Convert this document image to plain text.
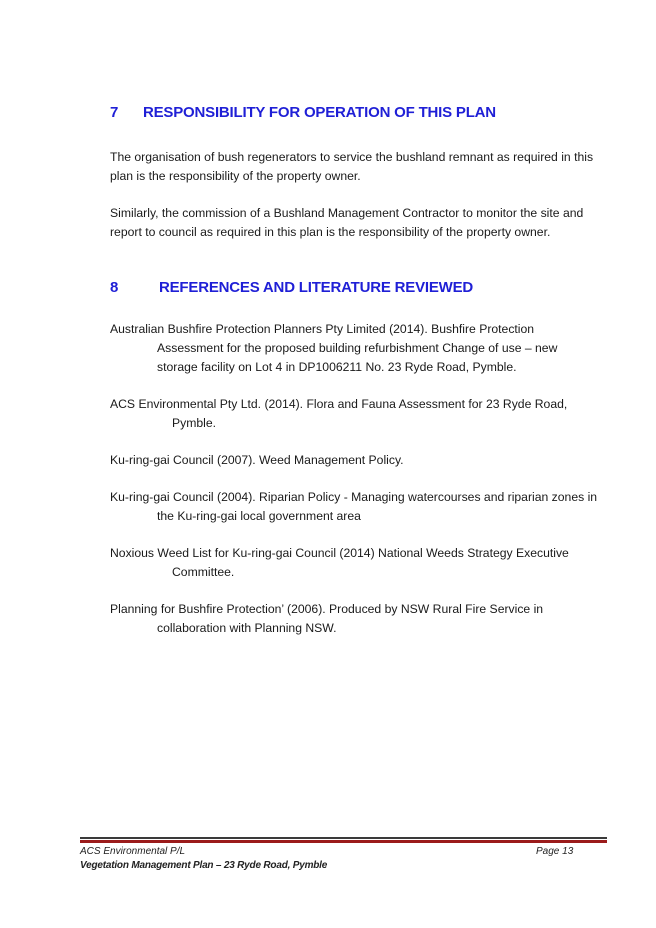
7 RESPONSIBILITY FOR OPERATION OF THIS PLAN
The organisation of bush regenerators to service the bushland remnant as required in this plan is the responsibility of the property owner.
Similarly, the commission of a Bushland Management Contractor to monitor the site and report to council as required in this plan is the responsibility of the property owner.
8	REFERENCES AND LITERATURE REVIEWED
Australian Bushfire Protection Planners Pty Limited (2014). Bushfire Protection
Assessment for the proposed building refurbishment Change of use – new
storage facility on Lot 4 in DP1006211 No. 23 Ryde Road, Pymble.
ACS Environmental Pty Ltd. (2014). Flora and Fauna Assessment for 23 Ryde Road,
Pymble.
Ku-ring-gai Council (2007). Weed Management Policy.
Ku-ring-gai Council (2004). Riparian Policy - Managing watercourses and riparian zones in
the Ku-ring-gai local government area
Noxious Weed List for Ku-ring-gai Council (2014) National Weeds Strategy Executive
Committee.
Planning for Bushfire Protection’ (2006). Produced by NSW Rural Fire Service in
collaboration with Planning NSW.
ACS Environmental P/L
Vegetation Management Plan – 23 Ryde Road, Pymble
Page 13
